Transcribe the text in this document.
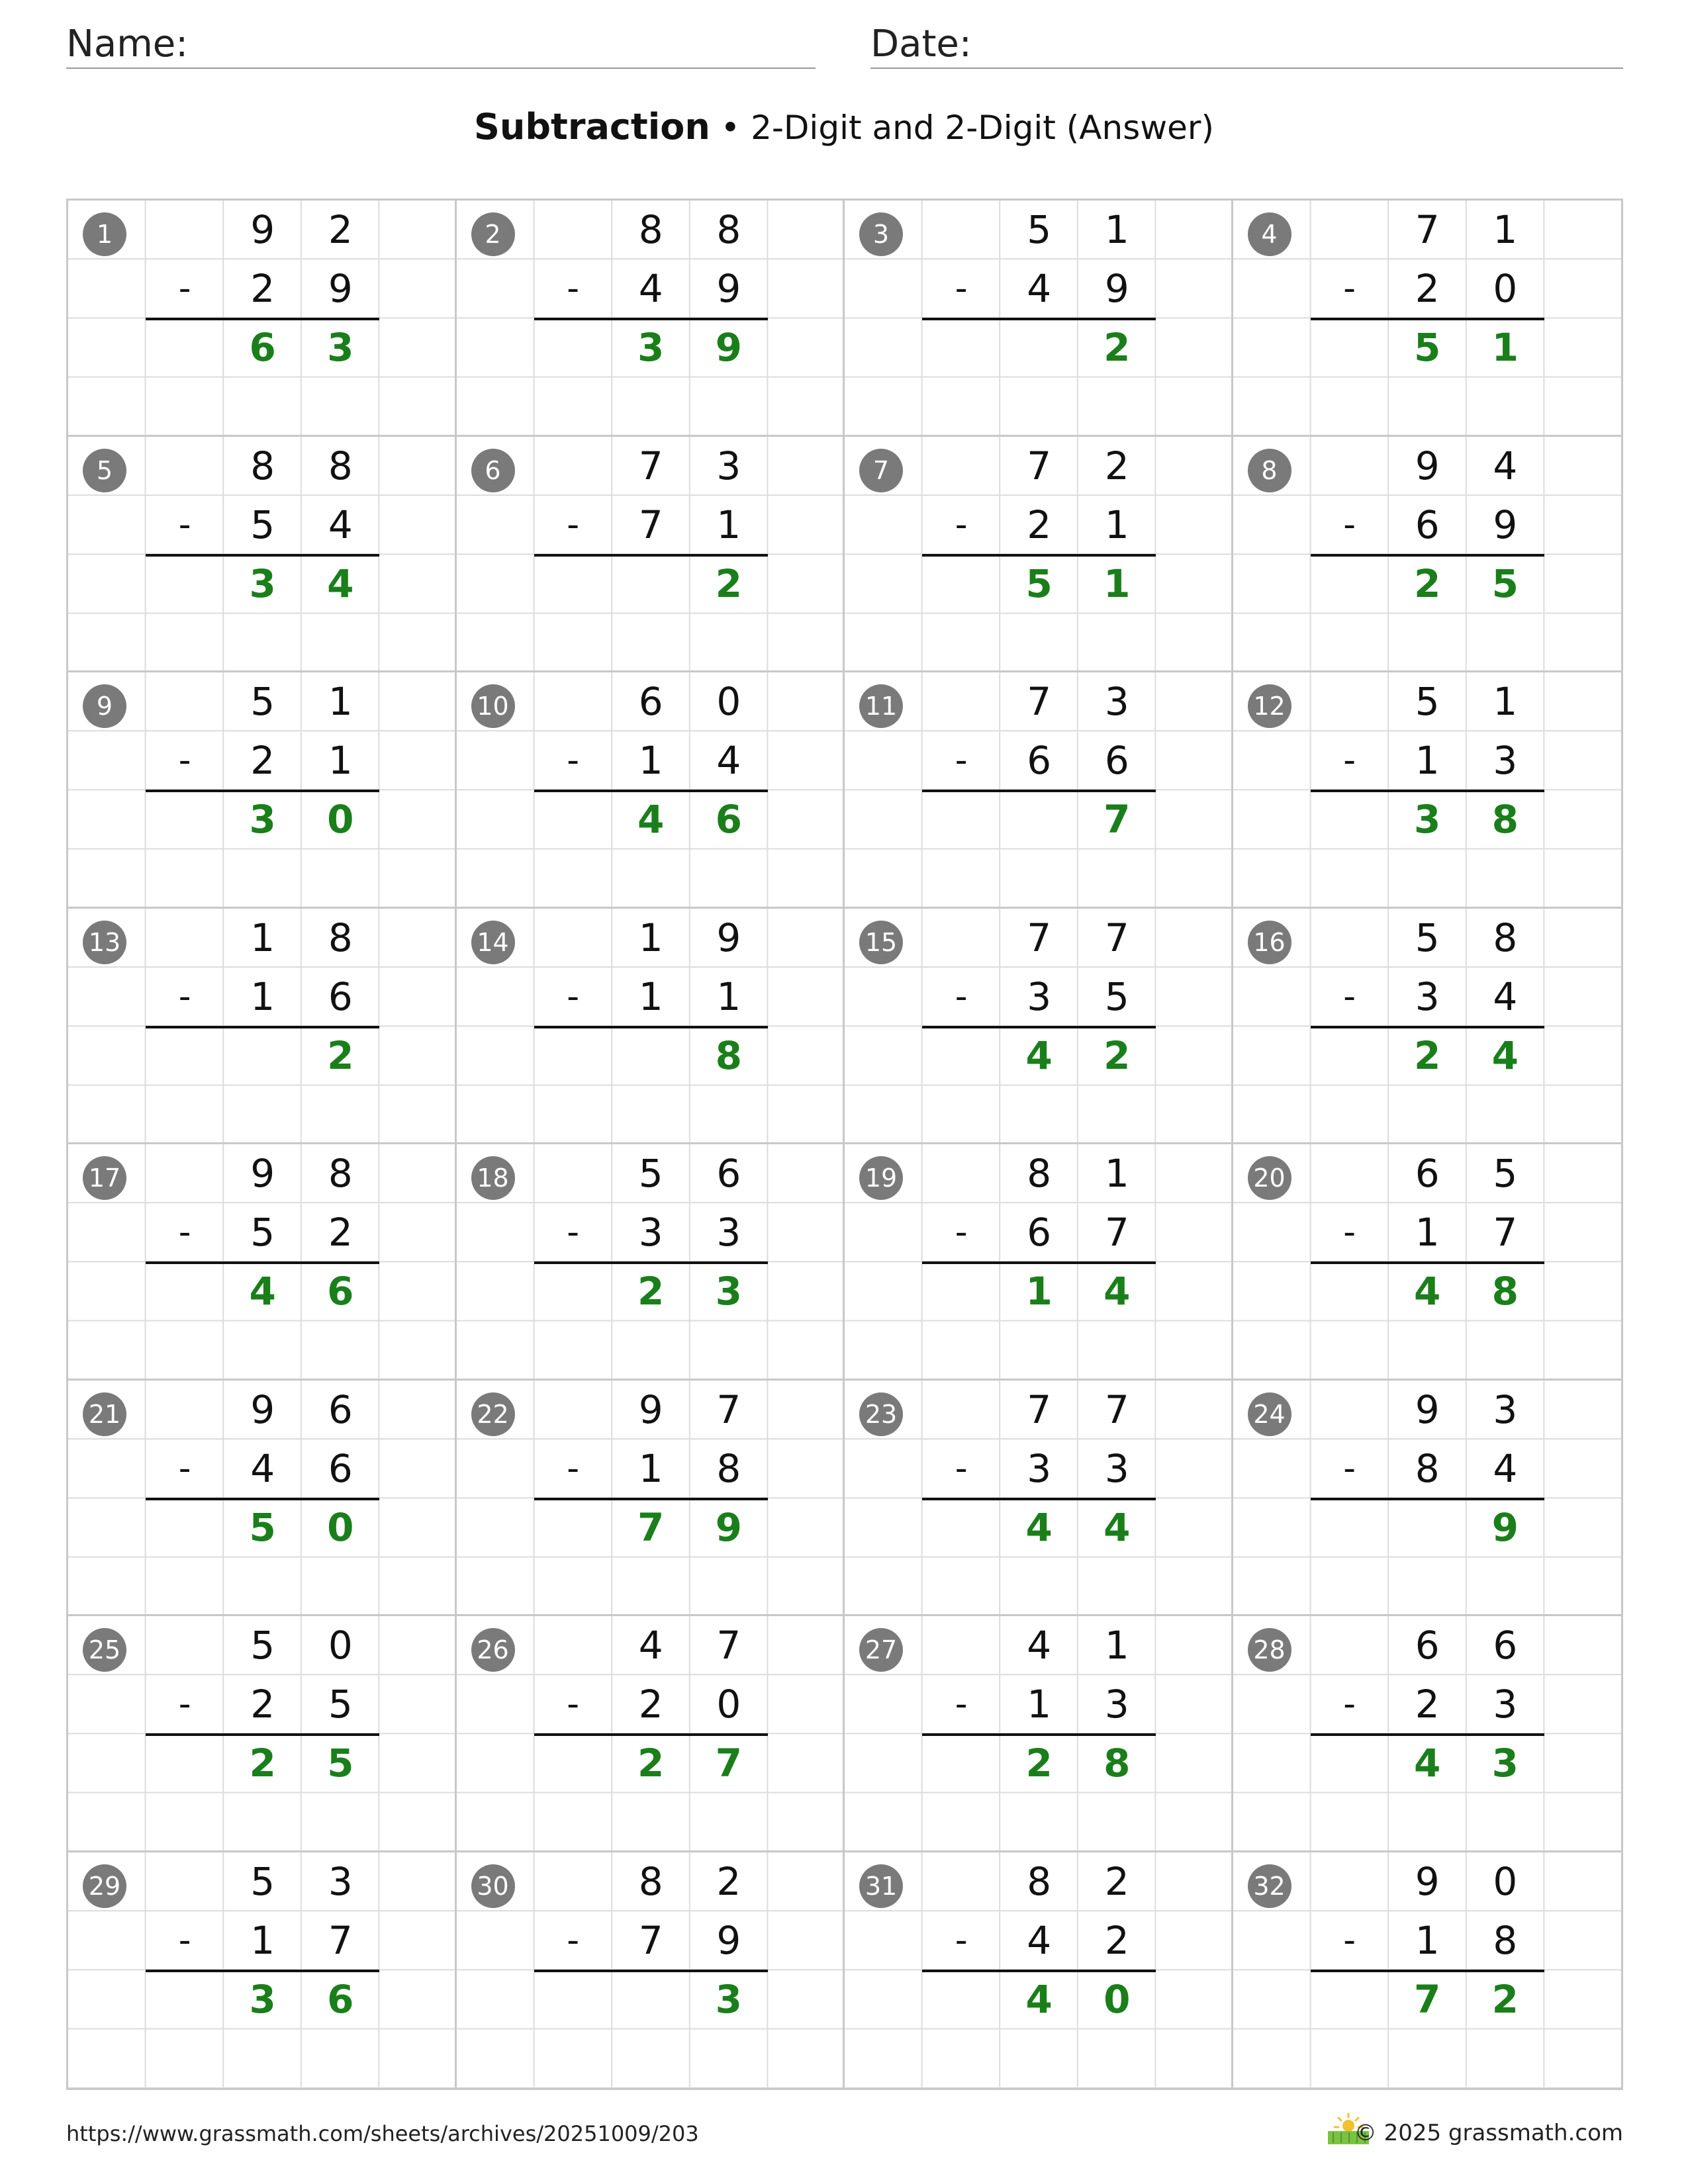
Name:	Date:
Subtraction • 2-Digit and 2-Digit (Answer)
1	9	2
-	2	9
6	3
2	8	8
-	4	9
3	9
3	5	1
-	4	9
2
4	7	1
-	2	0
5	1
5	8	8
-	5	4
3	4
6	7	3
-	7	1
2
7	7	2
-	2	1
5	1
8	9	4
-	6	9
2	5
9	5	1
-	2	1
3	0
10	6	0
-	1	4
4	6
11	7	3
-	6	6
7
12	5	1
-	1	3
3	8
13	1	8
-	1	6
2
14	1	9
-	1	1
8
15	7	7
-	3	5
4	2
16	5	8
-	3	4
2	4
17	9	8
-	5	2
4	6
18	5	6
-	3	3
2	3
19	8	1
-	6	7
1	4
20	6	5
-	1	7
4	8
21	9	6
-	4	6
5	0
22	9	7
-	1	8
7	9
23	7	7
-	3	3
4	4
24	9	3
-	8	4
9
25	5	0
-	2	5
2	5
26	4	7
-	2	0
2	7
27	4	1
-	1	3
2	8
28	6	6
-	2	3
4	3
29	5	3
-	1	7
3	6
30	8	2
-	7	9
3
31	8	2
-	4	2
4	0
32	9	0
-	1	8
7	2
https://www.grassmath.com/sheets/archives/20251009/203	© 2025 grassmath.com
